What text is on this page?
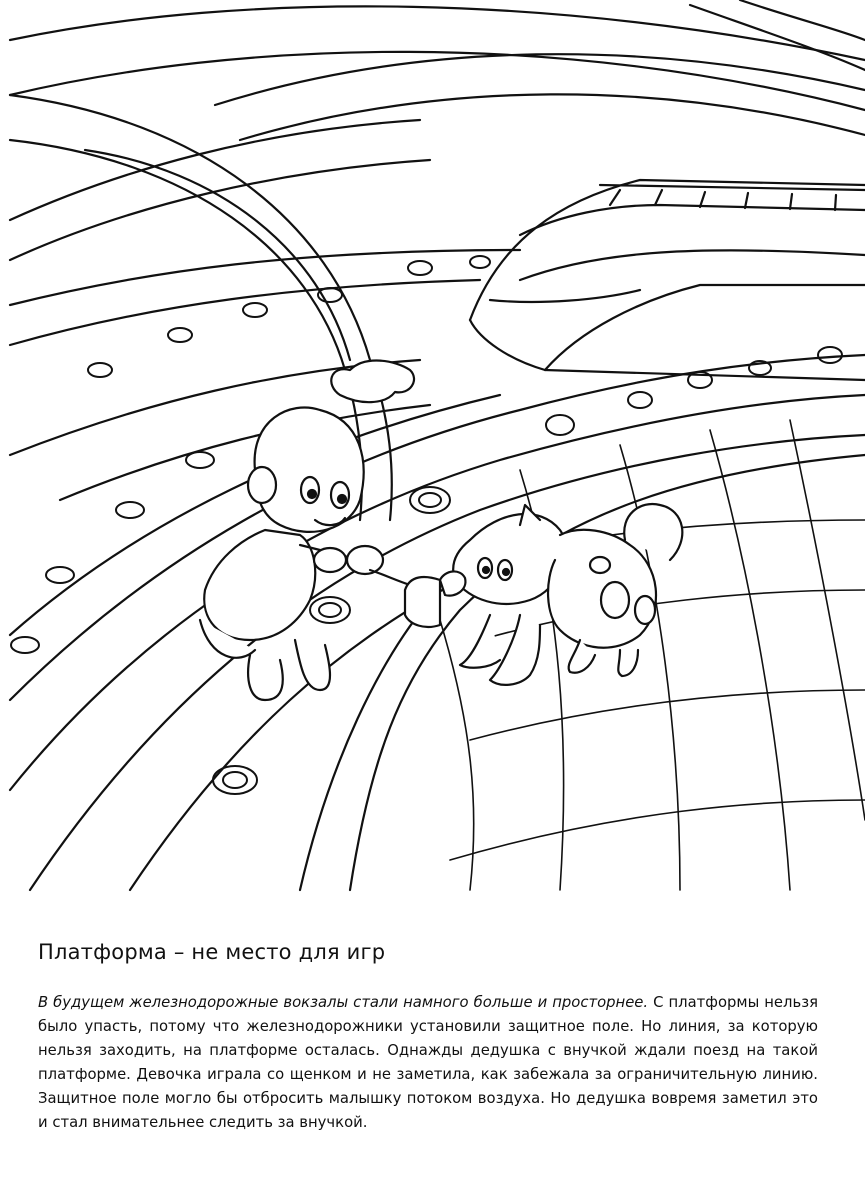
Платформа – не место для игр
В будущем железнодорожные вокзалы стали намного больше и просторнее. С платформы нельзя было упасть, потому что железнодорожники установили защитное поле. Но линия, за которую нельзя заходить, на платформе осталась. Однажды дедушка с внучкой ждали поезд на такой платформе. Девочка играла со щенком и не заметила, как забежала за ограничительную линию. Защитное поле могло бы отбросить малышку потоком воздуха. Но дедушка вовремя заметил это и стал внимательнее следить за внучкой.
